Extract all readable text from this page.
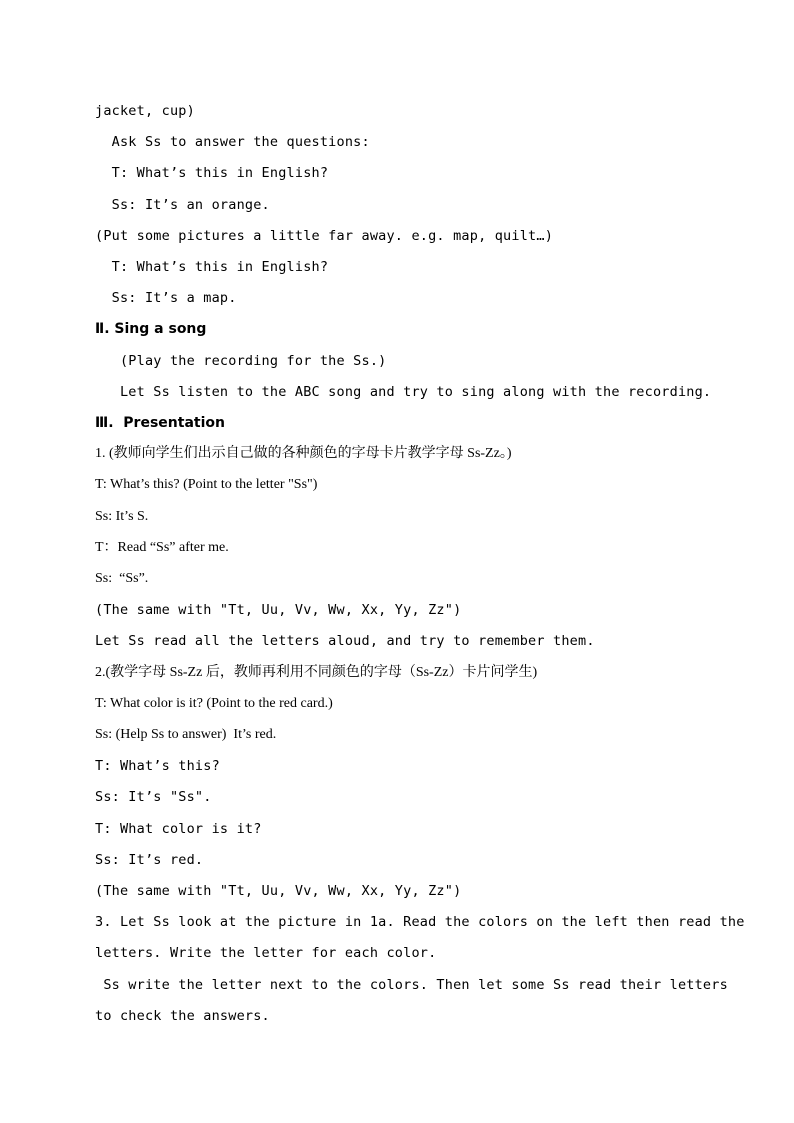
jacket, cup)
Ask Ss to answer the questions:
T: What’s this in English?
Ss: It’s an orange.
(Put some pictures a little far away. e.g. map, quilt…)
T: What’s this in English?
Ss: It’s a map.
Ⅱ. Sing a song
(Play the recording for the Ss.)
Let Ss listen to the ABC song and try to sing along with the recording.
Ⅲ.  Presentation
1. (教师向学生们出示自己做的各种颜色的字母卡片教学字母 Ss-Zz。)
T: What’s this? (Point to the letter "Ss")
Ss: It’s S.
T：Read “Ss” after me.
Ss:  “Ss”.
(The same with "Tt, Uu, Vv, Ww, Xx, Yy, Zz")
Let Ss read all the letters aloud, and try to remember them.
2.(教学字母 Ss-Zz 后，教师再利用不同颜色的字母（Ss-Zz）卡片问学生)
T: What color is it? (Point to the red card.)
Ss: (Help Ss to answer)  It’s red.
T: What’s this?
Ss: It’s "Ss".
T: What color is it?
Ss: It’s red.
(The same with "Tt, Uu, Vv, Ww, Xx, Yy, Zz")
3. Let Ss look at the picture in 1a. Read the colors on the left then read the
letters. Write the letter for each color.
Ss write the letter next to the colors. Then let some Ss read their letters
to check the answers.
